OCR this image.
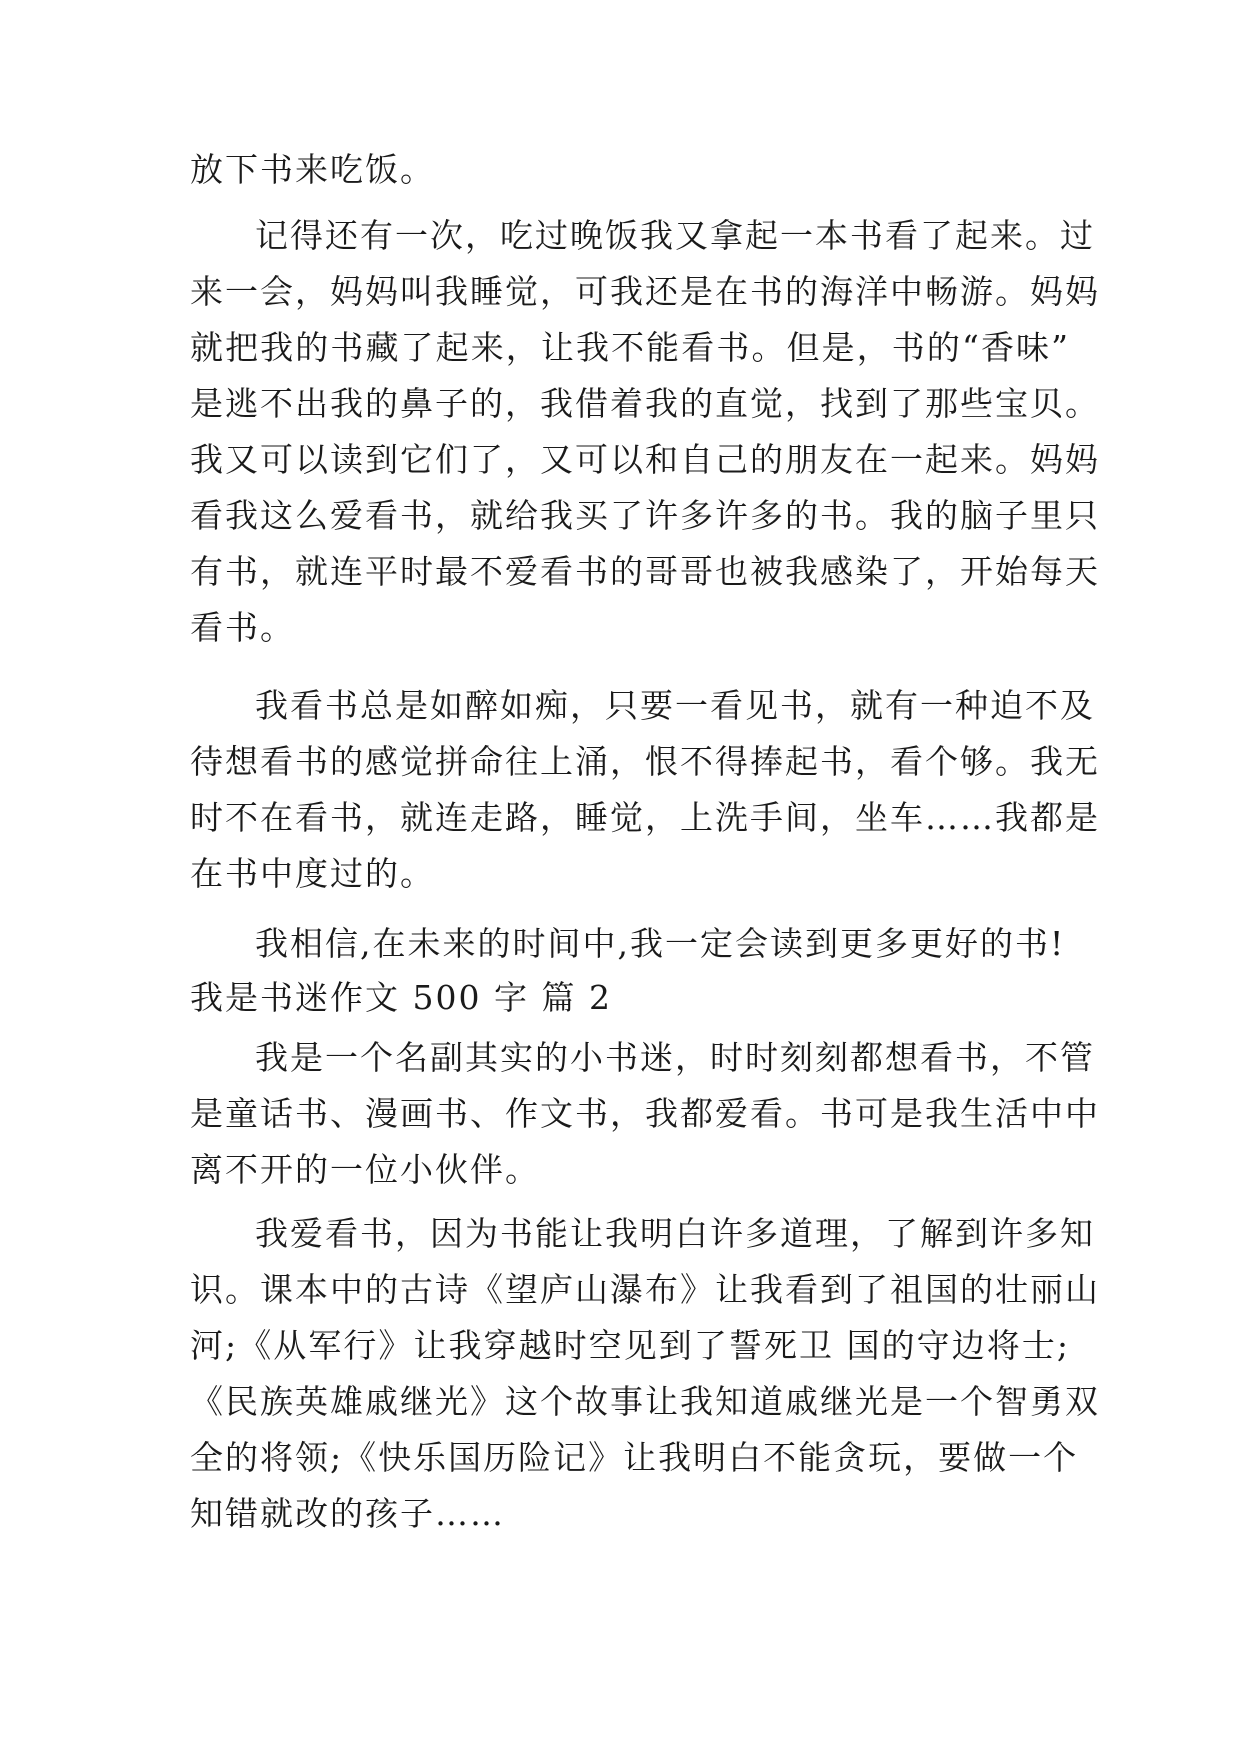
放下书来吃饭。
记得还有一次，吃过晚饭我又拿起一本书看了起来。过
来一会，妈妈叫我睡觉，可我还是在书的海洋中畅游。妈妈
就把我的书藏了起来，让我不能看书。但是，书的“香味”
是逃不出我的鼻子的，我借着我的直觉，找到了那些宝贝。
我又可以读到它们了，又可以和自己的朋友在一起来。妈妈
看我这么爱看书，就给我买了许多许多的书。我的脑子里只
有书，就连平时最不爱看书的哥哥也被我感染了，开始每天
看书。
我看书总是如醉如痴，只要一看见书，就有一种迫不及
待想看书的感觉拼命往上涌，恨不得捧起书，看个够。我无
时不在看书，就连走路，睡觉，上洗手间，坐车……我都是
在书中度过的。
我相信,在未来的时间中,我一定会读到更多更好的书!
我是书迷作文 500 字 篇 2
我是一个名副其实的小书迷，时时刻刻都想看书，不管
是童话书、漫画书、作文书，我都爱看。书可是我生活中中
离不开的一位小伙伴。
我爱看书，因为书能让我明白许多道理，了解到许多知
识。课本中的古诗《望庐山瀑布》让我看到了祖国的壮丽山
河;《从军行》让我穿越时空见到了誓死卫 国的守边将士;
《民族英雄戚继光》这个故事让我知道戚继光是一个智勇双
全的将领;《快乐国历险记》让我明白不能贪玩，要做一个
知错就改的孩子……
